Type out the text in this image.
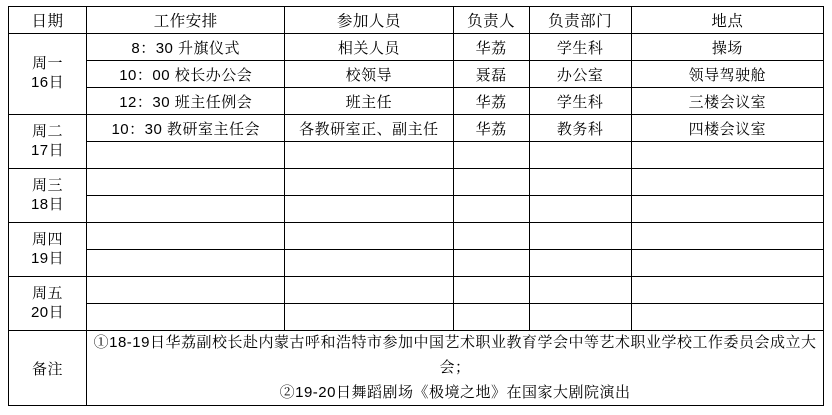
日期	工作安排	参加人员	负责人	负责部门	地点

周一
16日	8：30 升旗仪式	相关人员	华荔	学生科	操场
	10：00 校长办公会	校领导	聂磊	办公室	领导驾驶舱
	12：30 班主任例会	班主任	华荔	学生科	三楼会议室

周二
17日	10：30 教研室主任会	各教研室正、副主任	华荔	教务科	四楼会议室

周三
18日					

周四
19日					

周五
20日					

备注	①18-19日华荔副校长赴内蒙古呼和浩特市参加中国艺术职业教育学会中等艺术职业学校工作委员会成立大会；

②19-20日舞蹈剧场《极境之地》在国家大剧院演出				
